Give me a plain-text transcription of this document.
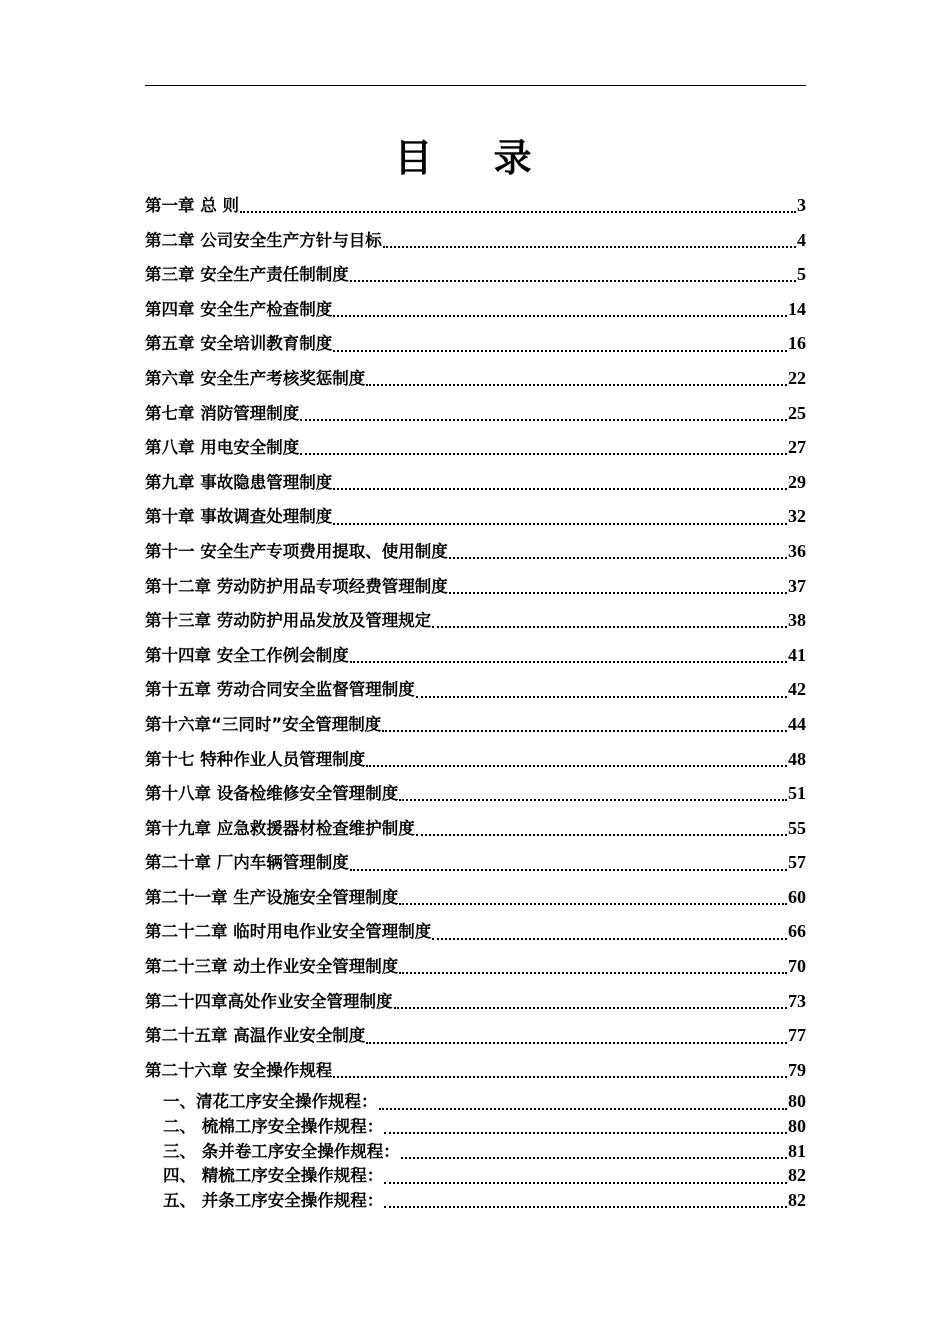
目 录
第一章 总 则	3
第二章 公司安全生产方针与目标	4
第三章 安全生产责任制制度	5
第四章 安全生产检查制度	14
第五章 安全培训教育制度	16
第六章 安全生产考核奖惩制度	22
第七章 消防管理制度	25
第八章 用电安全制度	27
第九章 事故隐患管理制度	29
第十章 事故调查处理制度	32
第十一 安全生产专项费用提取、使用制度	36
第十二章 劳动防护用品专项经费管理制度	37
第十三章 劳动防护用品发放及管理规定	38
第十四章 安全工作例会制度	41
第十五章 劳动合同安全监督管理制度	42
第十六章“三同时”安全管理制度	44
第十七 特种作业人员管理制度	48
第十八章 设备检维修安全管理制度	51
第十九章 应急救援器材检查维护制度	55
第二十章 厂内车辆管理制度	57
第二十一章 生产设施安全管理制度	60
第二十二章 临时用电作业安全管理制度	66
第二十三章 动土作业安全管理制度	70
第二十四章高处作业安全管理制度	73
第二十五章 高温作业安全制度	77
第二十六章 安全操作规程	79
一、清花工序安全操作规程：	80
二、 梳棉工序安全操作规程：	80
三、 条并卷工序安全操作规程：	81
四、 精梳工序安全操作规程：	82
五、 并条工序安全操作规程：	82
